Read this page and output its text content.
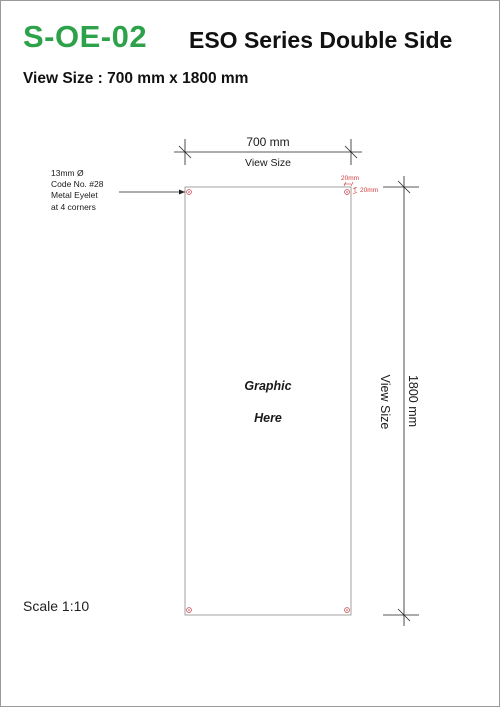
S-OE-02 ESO Series Double Side
View Size : 700 mm x 1800 mm
20mm
20mm
700 mm
View Size
1800 mm
View Size
13mm Ø Code No. #28 Metal Eyelet at 4 corners
Graphic
Here
Scale 1:10
